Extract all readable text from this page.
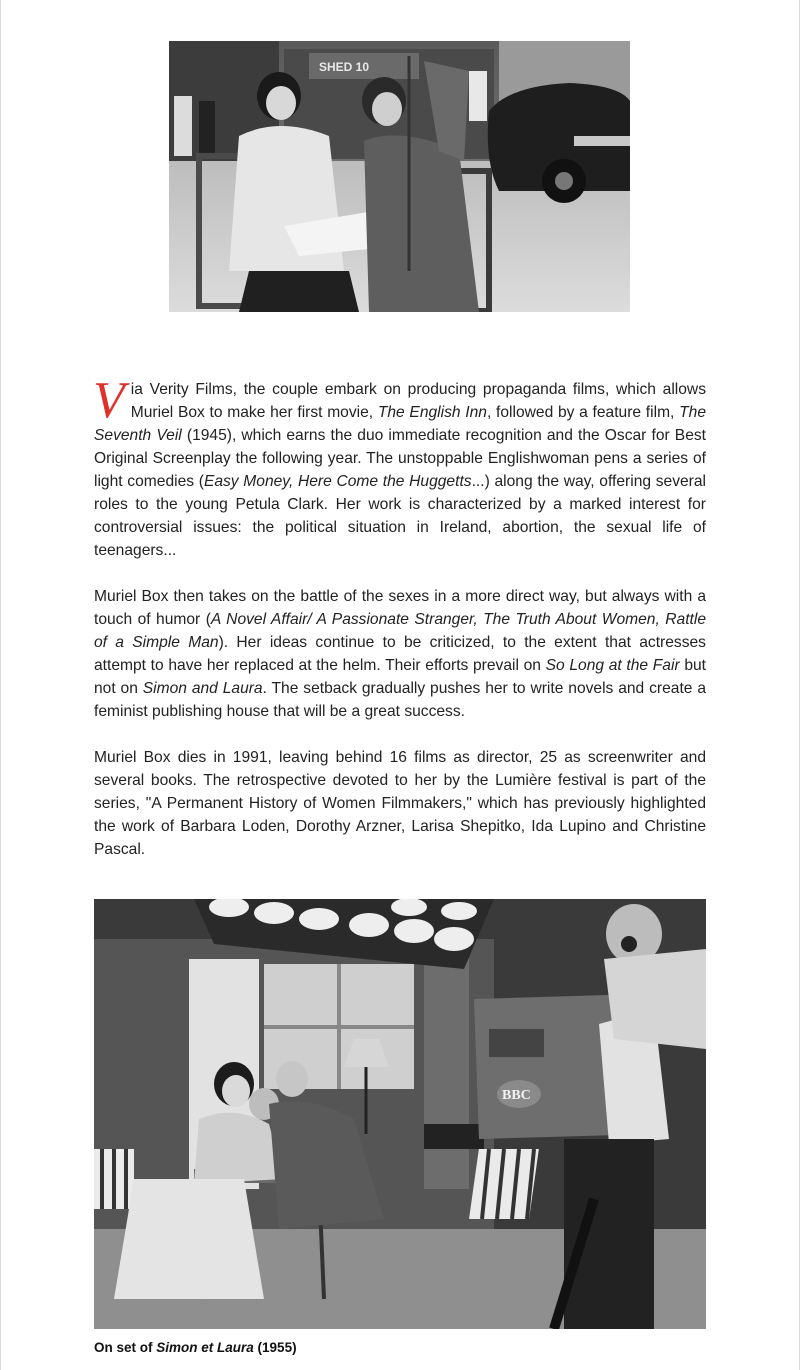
SHED 10

Via Verity Films, the couple embark on producing propaganda films, which allows Muriel Box to make her first movie, The English Inn, followed by a feature film, The Seventh Veil (1945), which earns the duo immediate recognition and the Oscar for Best Original Screenplay the following year. The unstoppable Englishwoman pens a series of light comedies (Easy Money, Here Come the Huggetts...) along the way, offering several roles to the young Petula Clark. Her work is characterized by a marked interest for controversial issues: the political situation in Ireland, abortion, the sexual life of teenagers...

Muriel Box then takes on the battle of the sexes in a more direct way, but always with a touch of humor (A Novel Affair/ A Passionate Stranger, The Truth About Women, Rattle of a Simple Man). Her ideas continue to be criticized, to the extent that actresses attempt to have her replaced at the helm. Their efforts prevail on So Long at the Fair but not on Simon and Laura. The setback gradually pushes her to write novels and create a feminist publishing house that will be a great success.

Muriel Box dies in 1991, leaving behind 16 films as director, 25 as screenwriter and several books. The retrospective devoted to her by the Lumière festival is part of the series, "A Permanent History of Women Filmmakers," which has previously highlighted the work of Barbara Loden, Dorothy Arzner, Larisa Shepitko, Ida Lupino and Christine Pascal.

BBC
On set of Simon et Laura (1955)
